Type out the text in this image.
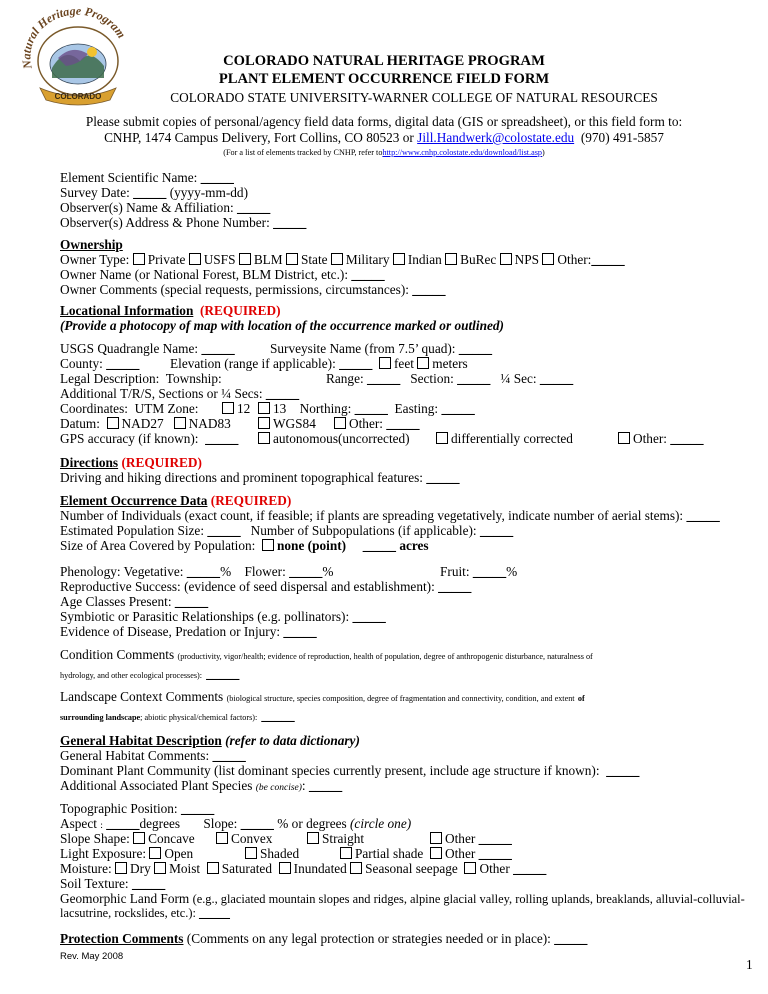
Natural Heritage Program
COLORADO
COLORADO NATURAL HERITAGE PROGRAM
PLANT ELEMENT OCCURRENCE FIELD FORM
COLORADO STATE UNIVERSITY-WARNER COLLEGE OF NATURAL RESOURCES
Please submit copies of personal/agency field data forms, digital data (GIS or spreadsheet), or this field form to:
CNHP, 1474 Campus Delivery, Fort Collins, CO 80523 or Jill.Handwerk@colostate.edu (970) 491-5857
(For a list of elements tracked by CNHP, refer tohttp://www.cnhp.colostate.edu/download/list.asp)
Element Scientific Name: _____
Survey Date: _____ (yyyy-mm-dd)
Observer(s) Name & Affiliation: _____
Observer(s) Address & Phone Number: _____
Ownership
Owner Type: Private USFS BLM State Military Indian BuRec NPS Other:_____
Owner Name (or National Forest, BLM District, etc.): _____
Owner Comments (special requests, permissions, circumstances): _____
Locational Information (REQUIRED)
(Provide a photocopy of map with location of the occurrence marked or outlined)
USGS Quadrangle Name: _____	Surveysite Name (from 7.5’ quad): _____
County: _____ Elevation (range if applicable): _____ feet meters
Legal Description: Township:	Range: _____ Section: _____ ¼ Sec: _____
Additional T/R/S, Sections or ¼ Secs: _____
Coordinates: UTM Zone:	12	13 Northing: _____ Easting: _____
Datum: NAD27 NAD83	WGS84	Other: _____
GPS accuracy (if known): _____	autonomous(uncorrected)	differentially corrected	Other: _____
Directions (REQUIRED)
Driving and hiking directions and prominent topographical features: _____
Element Occurrence Data (REQUIRED)
Number of Individuals (exact count, if feasible; if plants are spreading vegetatively, indicate number of aerial stems): _____
Estimated Population Size: _____ Number of Subpopulations (if applicable): _____
Size of Area Covered by Population: none (point) _____ acres
Phenology: Vegetative: _____% Flower: _____%	Fruit: _____%
Reproductive Success: (evidence of seed dispersal and establishment): _____
Age Classes Present: _____
Symbiotic or Parasitic Relationships (e.g. pollinators): _____
Evidence of Disease, Predation or Injury: _____
Condition Comments (productivity, vigor/health; evidence of reproduction, health of population, degree of anthropogenic disturbance, naturalness of
hydrology, and other ecological processes): _____
Landscape Context Comments (biological structure, species composition, degree of fragmentation and connectivity, condition, and extent of
surrounding landscape; abiotic physical/chemical factors): _____
General Habitat Description (refer to data dictionary)
General Habitat Comments: _____
Dominant Plant Community (list dominant species currently present, include age structure if known): _____
Additional Associated Plant Species (be concise): _____
Topographic Position: _____
Aspect : _____degrees Slope: _____ % or degrees (circle one)
Slope Shape: Concave	Convex	Straight	Other _____
Light Exposure: Open	Shaded	Partial shade	Other _____
Moisture: Dry Moist Saturated Inundated Seasonal seepage Other _____
Soil Texture: _____
Geomorphic Land Form (e.g., glaciated mountain slopes and ridges, alpine glacial valley, rolling uplands, breaklands, alluvial-colluvial-
lacsutrine, rockslides, etc.): _____
Protection Comments (Comments on any legal protection or strategies needed or in place): _____
Rev. May 2008
1
